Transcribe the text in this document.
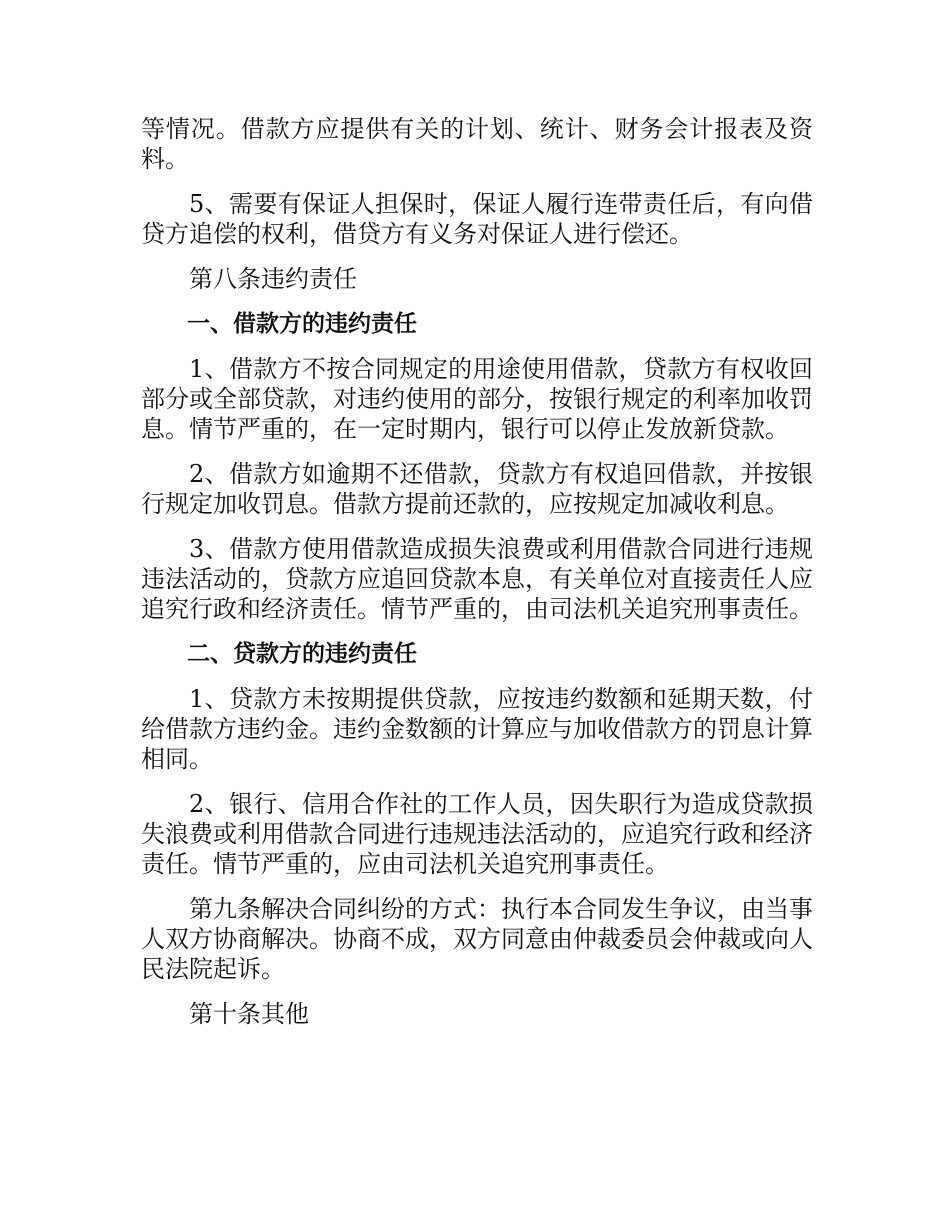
等情况。借款方应提供有关的计划、统计、财务会计报表及资料。

5、需要有保证人担保时，保证人履行连带责任后，有向借贷方追偿的权利，借贷方有义务对保证人进行偿还。

第八条违约责任

一、借款方的违约责任

1、借款方不按合同规定的用途使用借款，贷款方有权收回部分或全部贷款，对违约使用的部分，按银行规定的利率加收罚息。情节严重的，在一定时期内，银行可以停止发放新贷款。

2、借款方如逾期不还借款，贷款方有权追回借款，并按银行规定加收罚息。借款方提前还款的，应按规定加减收利息。

3、借款方使用借款造成损失浪费或利用借款合同进行违规违法活动的，贷款方应追回贷款本息，有关单位对直接责任人应追究行政和经济责任。情节严重的，由司法机关追究刑事责任。

二、贷款方的违约责任

1、贷款方未按期提供贷款，应按违约数额和延期天数，付给借款方违约金。违约金数额的计算应与加收借款方的罚息计算相同。

2、银行、信用合作社的工作人员，因失职行为造成贷款损失浪费或利用借款合同进行违规违法活动的，应追究行政和经济责任。情节严重的，应由司法机关追究刑事责任。

第九条解决合同纠纷的方式：执行本合同发生争议，由当事人双方协商解决。协商不成，双方同意由仲裁委员会仲裁或向人民法院起诉。

第十条其他
